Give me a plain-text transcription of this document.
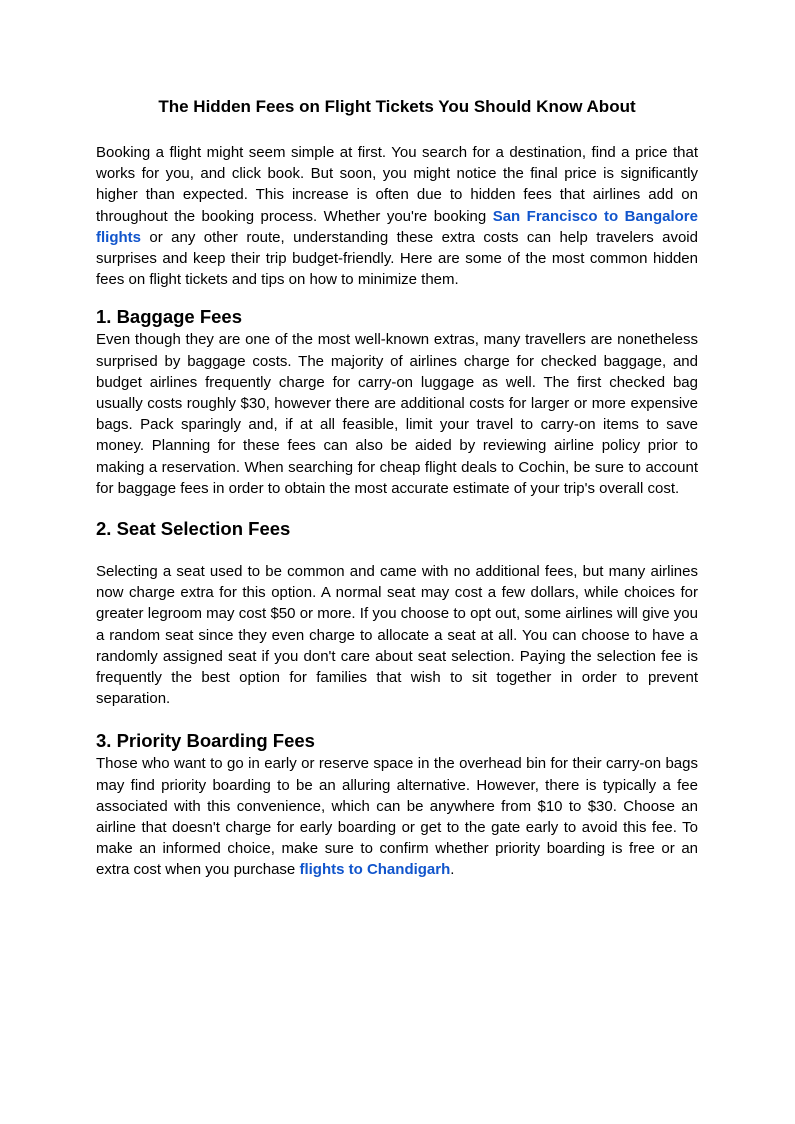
The Hidden Fees on Flight Tickets You Should Know About

Booking a flight might seem simple at first. You search for a destination, find a price that works for you, and click book. But soon, you might notice the final price is significantly higher than expected. This increase is often due to hidden fees that airlines add on throughout the booking process. Whether you're booking San Francisco to Bangalore flights or any other route, understanding these extra costs can help travelers avoid surprises and keep their trip budget-friendly. Here are some of the most common hidden fees on flight tickets and tips on how to minimize them.

1. Baggage Fees

Even though they are one of the most well-known extras, many travellers are nonetheless surprised by baggage costs. The majority of airlines charge for checked baggage, and budget airlines frequently charge for carry-on luggage as well. The first checked bag usually costs roughly $30, however there are additional costs for larger or more expensive bags. Pack sparingly and, if at all feasible, limit your travel to carry-on items to save money. Planning for these fees can also be aided by reviewing airline policy prior to making a reservation. When searching for cheap flight deals to Cochin, be sure to account for baggage fees in order to obtain the most accurate estimate of your trip's overall cost.

2. Seat Selection Fees

Selecting a seat used to be common and came with no additional fees, but many airlines now charge extra for this option. A normal seat may cost a few dollars, while choices for greater legroom may cost $50 or more. If you choose to opt out, some airlines will give you a random seat since they even charge to allocate a seat at all. You can choose to have a randomly assigned seat if you don't care about seat selection. Paying the selection fee is frequently the best option for families that wish to sit together in order to prevent separation.

3. Priority Boarding Fees

Those who want to go in early or reserve space in the overhead bin for their carry-on bags may find priority boarding to be an alluring alternative. However, there is typically a fee associated with this convenience, which can be anywhere from $10 to $30. Choose an airline that doesn't charge for early boarding or get to the gate early to avoid this fee. To make an informed choice, make sure to confirm whether priority boarding is free or an extra cost when you purchase flights to Chandigarh.
